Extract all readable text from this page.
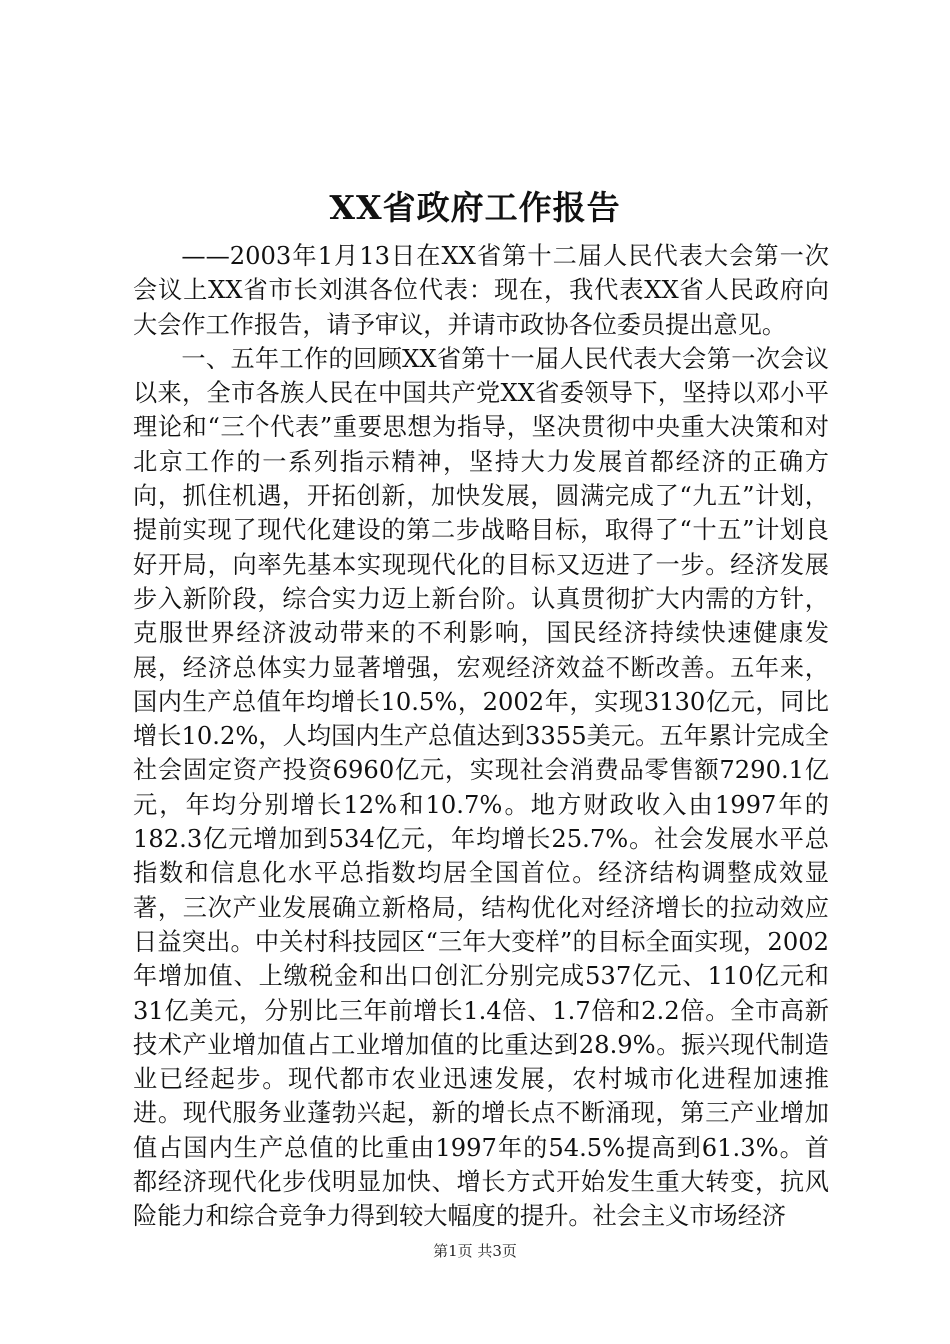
XX省政府工作报告

——2003年1月13日在XX省第十二届人民代表大会第一次会议上XX省市长刘淇各位代表：现在，我代表XX省人民政府向大会作工作报告，请予审议，并请市政协各位委员提出意见。

一、五年工作的回顾XX省第十一届人民代表大会第一次会议以来，全市各族人民在中国共产党XX省委领导下，坚持以邓小平理论和“三个代表”重要思想为指导，坚决贯彻中央重大决策和对北京工作的一系列指示精神，坚持大力发展首都经济的正确方向，抓住机遇，开拓创新，加快发展，圆满完成了“九五”计划，提前实现了现代化建设的第二步战略目标，取得了“十五”计划良好开局，向率先基本实现现代化的目标又迈进了一步。经济发展步入新阶段，综合实力迈上新台阶。认真贯彻扩大内需的方针，克服世界经济波动带来的不利影响，国民经济持续快速健康发展，经济总体实力显著增强，宏观经济效益不断改善。五年来，国内生产总值年均增长10.5%，2002年，实现3130亿元，同比增长10.2%，人均国内生产总值达到3355美元。五年累计完成全社会固定资产投资6960亿元，实现社会消费品零售额7290.1亿元，年均分别增长12%和10.7%。地方财政收入由1997年的182.3亿元增加到534亿元，年均增长25.7%。社会发展水平总指数和信息化水平总指数均居全国首位。经济结构调整成效显著，三次产业发展确立新格局，结构优化对经济增长的拉动效应日益突出。中关村科技园区“三年大变样”的目标全面实现，2002年增加值、上缴税金和出口创汇分别完成537亿元、110亿元和31亿美元，分别比三年前增长1.4倍、1.7倍和2.2倍。全市高新技术产业增加值占工业增加值的比重达到28.9%。振兴现代制造业已经起步。现代都市农业迅速发展，农村城市化进程加速推进。现代服务业蓬勃兴起，新的增长点不断涌现，第三产业增加值占国内生产总值的比重由1997年的54.5%提高到61.3%。首都经济现代化步伐明显加快、增长方式开始发生重大转变，抗风险能力和综合竞争力得到较大幅度的提升。社会主义市场经济

第1页 共3页
